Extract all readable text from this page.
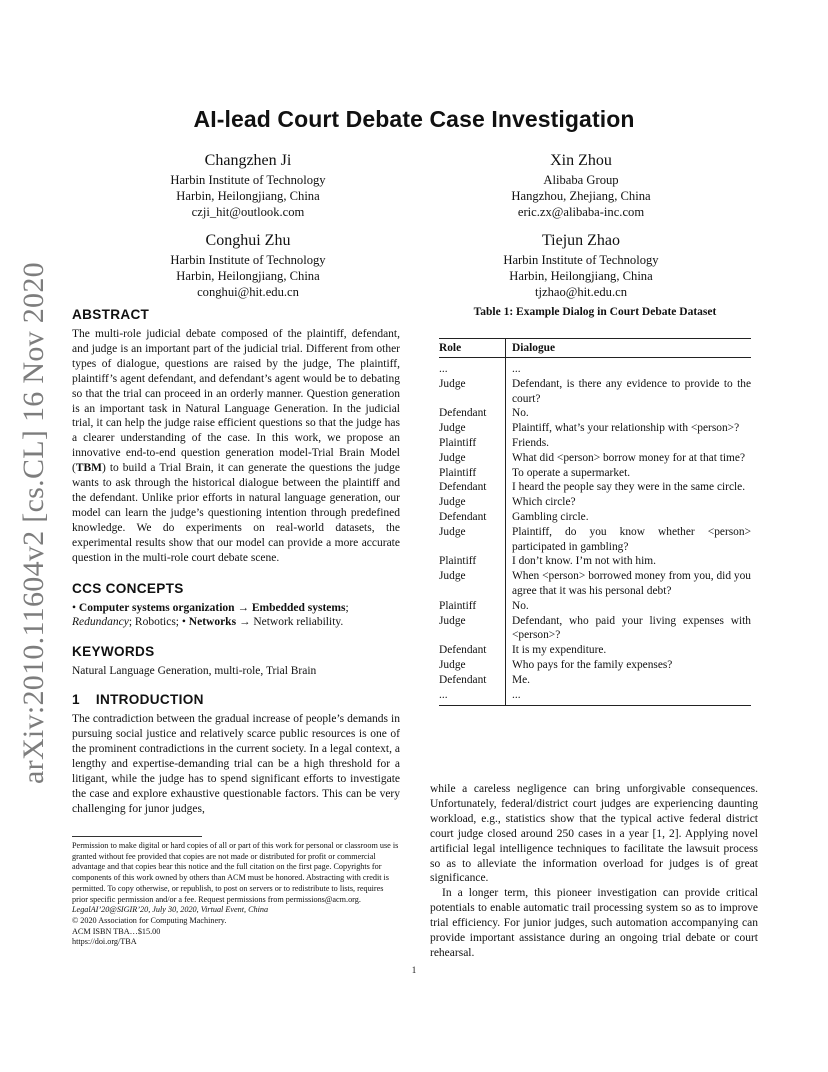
arXiv:2010.11604v2 [cs.CL] 16 Nov 2020
AI-lead Court Debate Case Investigation
Changzhen Ji
Harbin Institute of Technology
Harbin, Heilongjiang, China
czji_hit@outlook.com
Xin Zhou
Alibaba Group
Hangzhou, Zhejiang, China
eric.zx@alibaba-inc.com
Conghui Zhu
Harbin Institute of Technology
Harbin, Heilongjiang, China
conghui@hit.edu.cn
Tiejun Zhao
Harbin Institute of Technology
Harbin, Heilongjiang, China
tjzhao@hit.edu.cn
ABSTRACT
The multi-role judicial debate composed of the plaintiff, defendant, and judge is an important part of the judicial trial. Different from other types of dialogue, questions are raised by the judge, The plaintiff, plaintiff’s agent defendant, and defendant’s agent would be to debating so that the trial can proceed in an orderly manner. Question generation is an important task in Natural Language Generation. In the judicial trial, it can help the judge raise efficient questions so that the judge has a clearer understanding of the case. In this work, we propose an innovative end-to-end question generation model-Trial Brain Model (TBM) to build a Trial Brain, it can generate the questions the judge wants to ask through the historical dialogue between the plaintiff and the defendant. Unlike prior efforts in natural language generation, our model can learn the judge’s questioning intention through predefined knowledge. We do experiments on real-world datasets, the experimental results show that our model can provide a more accurate question in the multi-role court debate scene.
CCS CONCEPTS
• Computer systems organization → Embedded systems; Redundancy; Robotics; • Networks → Network reliability.
KEYWORDS
Natural Language Generation, multi-role, Trial Brain
1 INTRODUCTION
The contradiction between the gradual increase of people’s demands in pursuing social justice and relatively scarce public resources is one of the prominent contradictions in the current society. In a legal context, a lengthy and expertise-demanding trial can be a high threshold for a litigant, while the judge has to spend significant efforts to investigate the case and explore exhaustive questionable factors. This can be very challenging for junor judges,
Permission to make digital or hard copies of all or part of this work for personal or classroom use is granted without fee provided that copies are not made or distributed for profit or commercial advantage and that copies bear this notice and the full citation on the first page. Copyrights for components of this work owned by others than ACM must be honored. Abstracting with credit is permitted. To copy otherwise, or republish, to post on servers or to redistribute to lists, requires prior specific permission and/or a fee. Request permissions from permissions@acm.org.
LegalAI’20@SIGIR’20, July 30, 2020, Virtual Event, China
© 2020 Association for Computing Machinery.
ACM ISBN TBA…$15.00
https://doi.org/TBA
Table 1: Example Dialog in Court Debate Dataset
Role	Dialogue
...	...
Judge	Defendant, is there any evidence to provide to the court?
Defendant	No.
Judge	Plaintiff, what’s your relationship with <person>?
Plaintiff	Friends.
Judge	What did <person> borrow money for at that time?
Plaintiff	To operate a supermarket.
Defendant	I heard the people say they were in the same circle.
Judge	Which circle?
Defendant	Gambling circle.
Judge	Plaintiff, do you know whether <person> participated in gambling?
Plaintiff	I don’t know. I’m not with him.
Judge	When <person> borrowed money from you, did you agree that it was his personal debt?
Plaintiff	No.
Judge	Defendant, who paid your living expenses with <person>?
Defendant	It is my expenditure.
Judge	Who pays for the family expenses?
Defendant	Me.
...	...
while a careless negligence can bring unforgivable consequences. Unfortunately, federal/district court judges are experiencing daunting workload, e.g., statistics show that the typical active federal district court judge closed around 250 cases in a year [1, 2]. Applying novel artificial legal intelligence techniques to facilitate the lawsuit process so as to alleviate the information overload for judges is of great significance.
In a longer term, this pioneer investigation can provide critical potentials to enable automatic trail processing system so as to improve trial efficiency. For junior judges, such automation accompanying can provide important assistance during an ongoing trial debate or court rehearsal.
1
